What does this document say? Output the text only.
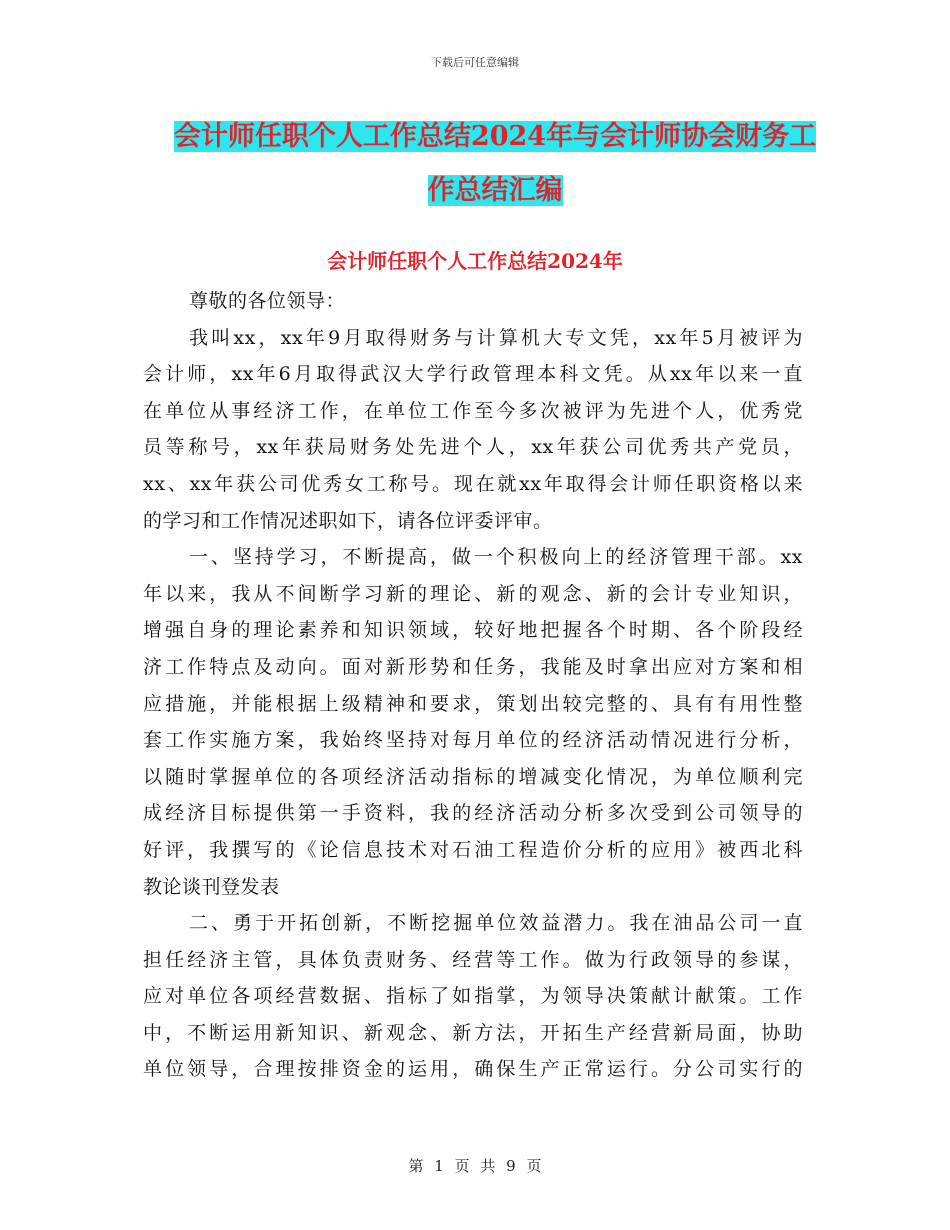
下载后可任意编辑
会计师任职个人工作总结2024年与会计师协会财务工
作总结汇编
会计师任职个人工作总结2024年

尊敬的各位领导：

我叫xx，xx年9月取得财务与计算机大专文凭，xx年5月被评为
会计师，xx年6月取得武汉大学行政管理本科文凭。从xx年以来一直
在单位从事经济工作，在单位工作至今多次被评为先进个人，优秀党
员等称号，xx年获局财务处先进个人，xx年获公司优秀共产党员，
xx、xx年获公司优秀女工称号。现在就xx年取得会计师任职资格以来
的学习和工作情况述职如下，请各位评委评审。

一、坚持学习，不断提高，做一个积极向上的经济管理干部。xx
年以来，我从不间断学习新的理论、新的观念、新的会计专业知识，
增强自身的理论素养和知识领域，较好地把握各个时期、各个阶段经
济工作特点及动向。面对新形势和任务，我能及时拿出应对方案和相
应措施，并能根据上级精神和要求，策划出较完整的、具有有用性整
套工作实施方案，我始终坚持对每月单位的经济活动情况进行分析，
以随时掌握单位的各项经济活动指标的增减变化情况，为单位顺利完
成经济目标提供第一手资料，我的经济活动分析多次受到公司领导的
好评，我撰写的《论信息技术对石油工程造价分析的应用》被西北科
教论谈刊登发表

二、勇于开拓创新，不断挖掘单位效益潜力。我在油品公司一直
担任经济主管，具体负责财务、经营等工作。做为行政领导的参谋，
应对单位各项经营数据、指标了如指掌，为领导决策献计献策。工作
中，不断运用新知识、新观念、新方法，开拓生产经营新局面，协助
单位领导，合理按排资金的运用，确保生产正常运行。分公司实行的

第 1 页 共 9 页
